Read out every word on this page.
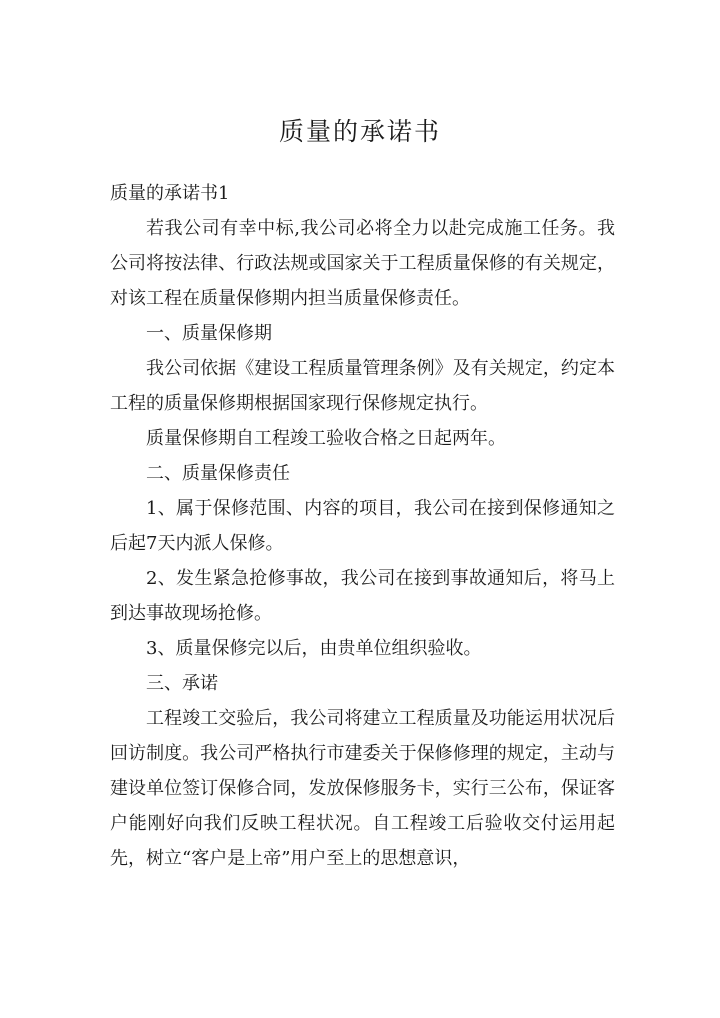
质量的承诺书

质量的承诺书1

若我公司有幸中标,我公司必将全力以赴完成施工任务。我公司将按法律、行政法规或国家关于工程质量保修的有关规定，对该工程在质量保修期内担当质量保修责任。

一、质量保修期

我公司依据《建设工程质量管理条例》及有关规定，约定本工程的质量保修期根据国家现行保修规定执行。

质量保修期自工程竣工验收合格之日起两年。

二、质量保修责任

1、属于保修范围、内容的项目，我公司在接到保修通知之后起7天内派人保修。

2、发生紧急抢修事故，我公司在接到事故通知后，将马上到达事故现场抢修。

3、质量保修完以后，由贵单位组织验收。

三、承诺

工程竣工交验后，我公司将建立工程质量及功能运用状况后回访制度。我公司严格执行市建委关于保修修理的规定，主动与建设单位签订保修合同，发放保修服务卡，实行三公布，保证客户能刚好向我们反映工程状况。自工程竣工后验收交付运用起先，树立“客户是上帝”用户至上的思想意识，
